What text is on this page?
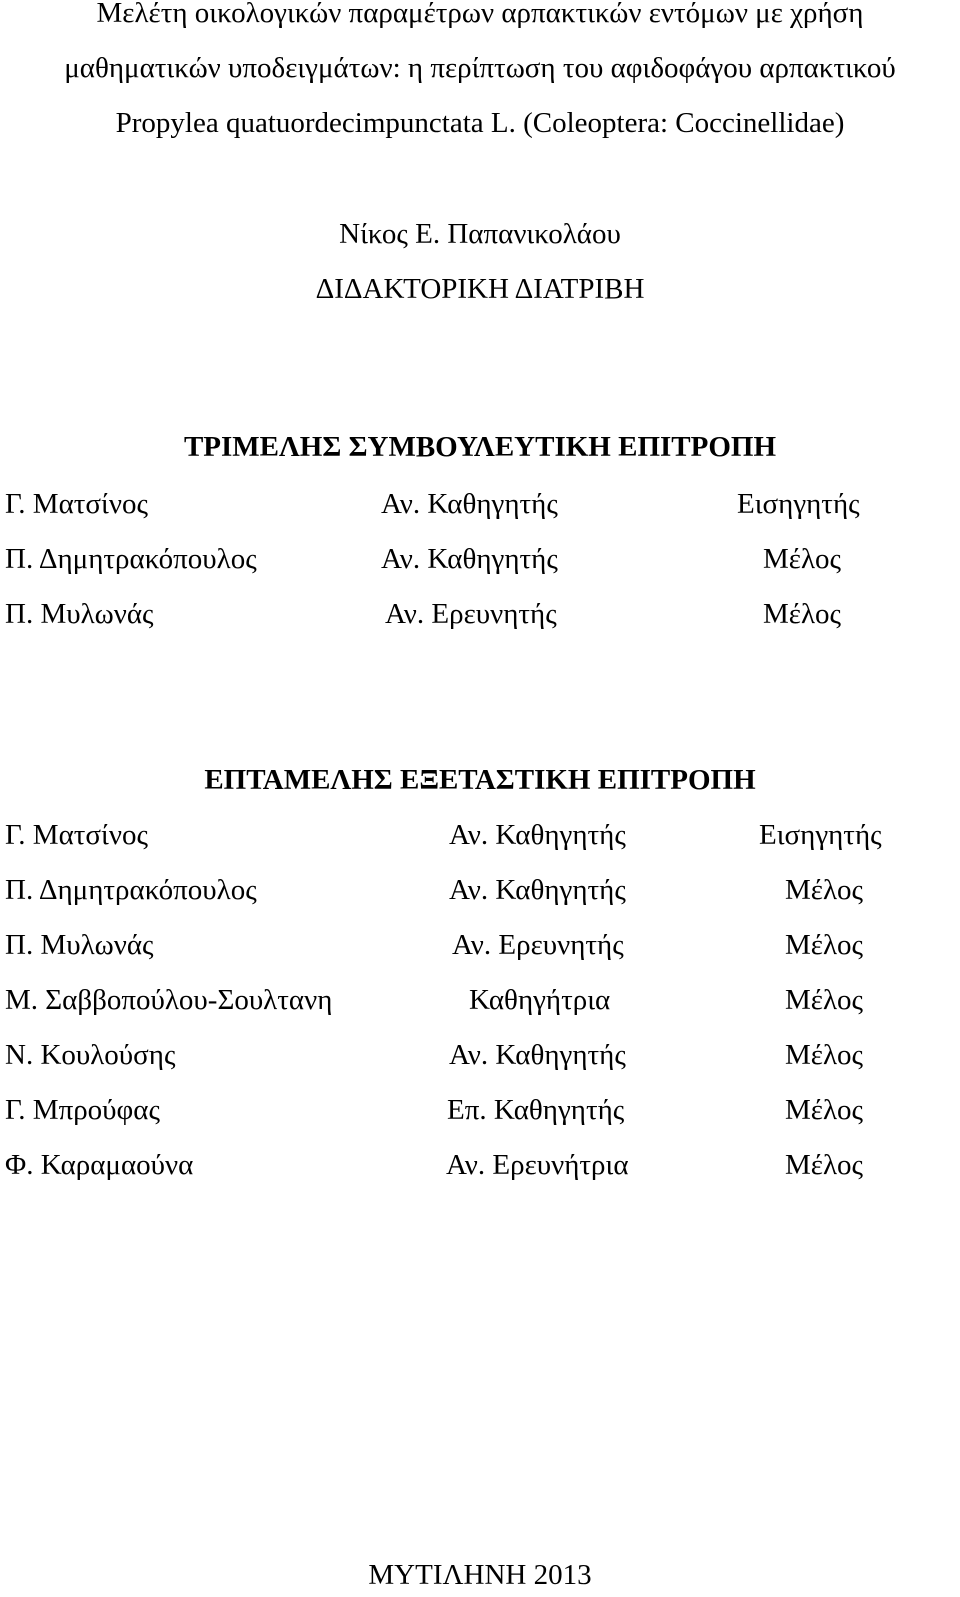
Μελέτη οικολογικών παραμέτρων αρπακτικών εντόμων με χρήση
μαθηματικών υποδειγμάτων: η περίπτωση του αφιδοφάγου αρπακτικού
Propylea quatuordecimpunctata L. (Coleoptera: Coccinellidae)
Νίκος Ε. Παπανικολάου
ΔΙΔΑΚΤΟΡΙΚΗ ΔΙΑΤΡΙΒΗ
ΤΡΙΜΕΛΗΣ ΣΥΜΒΟΥΛΕΥΤΙΚΗ ΕΠΙΤΡΟΠΗ
Γ. Ματσίνος	Αν. Καθηγητής	Εισηγητής
Π. Δημητρακόπουλος	Αν. Καθηγητής	Μέλος
Π. Μυλωνάς	Αν. Ερευνητής	Μέλος
ΕΠΤΑΜΕΛΗΣ ΕΞΕΤΑΣΤΙΚΗ ΕΠΙΤΡΟΠΗ
Γ. Ματσίνος	Αν. Καθηγητής	Εισηγητής
Π. Δημητρακόπουλος	Αν. Καθηγητής	Μέλος
Π. Μυλωνάς	Αν. Ερευνητής	Μέλος
Μ. Σαββοπούλου-Σουλτανη	Καθηγήτρια	Μέλος
Ν. Κουλούσης	Αν. Καθηγητής	Μέλος
Γ. Μπρούφας	Επ. Καθηγητής	Μέλος
Φ. Καραμαούνα	Αν. Ερευνήτρια	Μέλος
ΜΥΤΙΛΗΝΗ 2013
